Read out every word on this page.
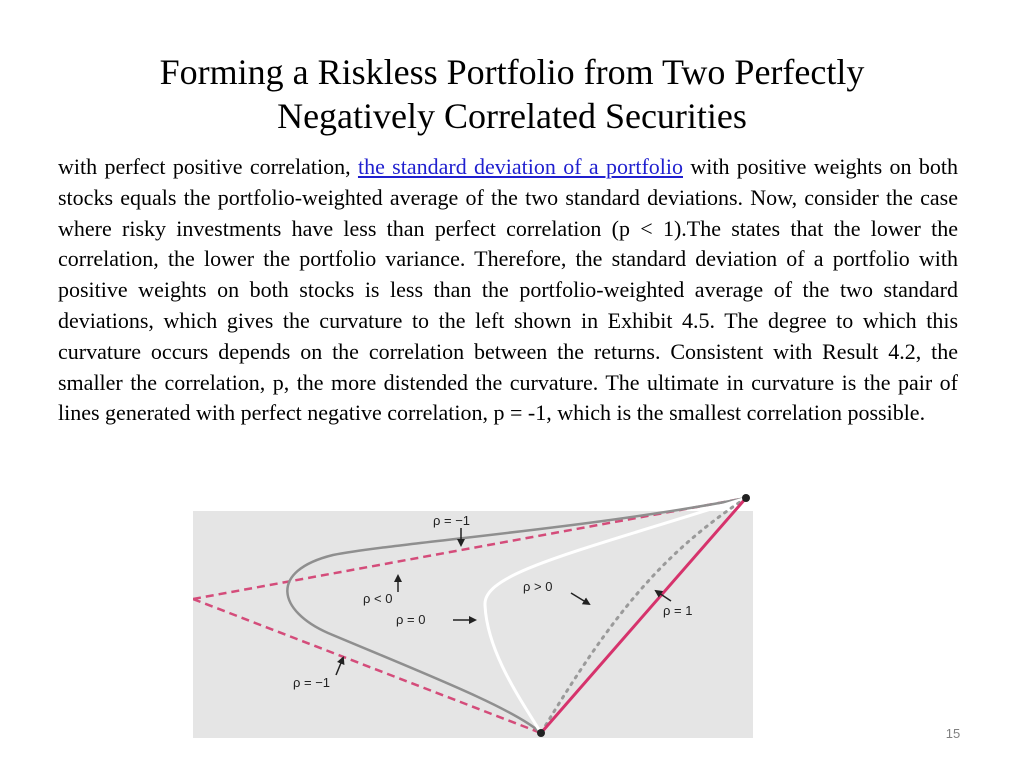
Forming a Riskless Portfolio from Two Perfectly
Negatively Correlated Securities

with perfect positive correlation, the standard deviation of a portfolio with positive weights on both stocks equals the portfolio-weighted average of the two standard deviations. Now, consider the case where risky investments have less than perfect correlation (p < 1).The states that the lower the correlation, the lower the portfolio variance. Therefore, the standard deviation of a portfolio with positive weights on both stocks is less than the portfolio-weighted average of the two standard deviations, which gives the curvature to the left shown in Exhibit 4.5. The degree to which this curvature occurs depends on the correlation between the returns. Consistent with Result 4.2, the smaller the correlation, p, the more distended the curvature. The ultimate in curvature is the pair of lines generated with perfect negative correlation, p = -1, which is the smallest correlation possible.

ρ = −1
ρ < 0
ρ = 0
ρ > 0
ρ = 1
ρ = −1
15
